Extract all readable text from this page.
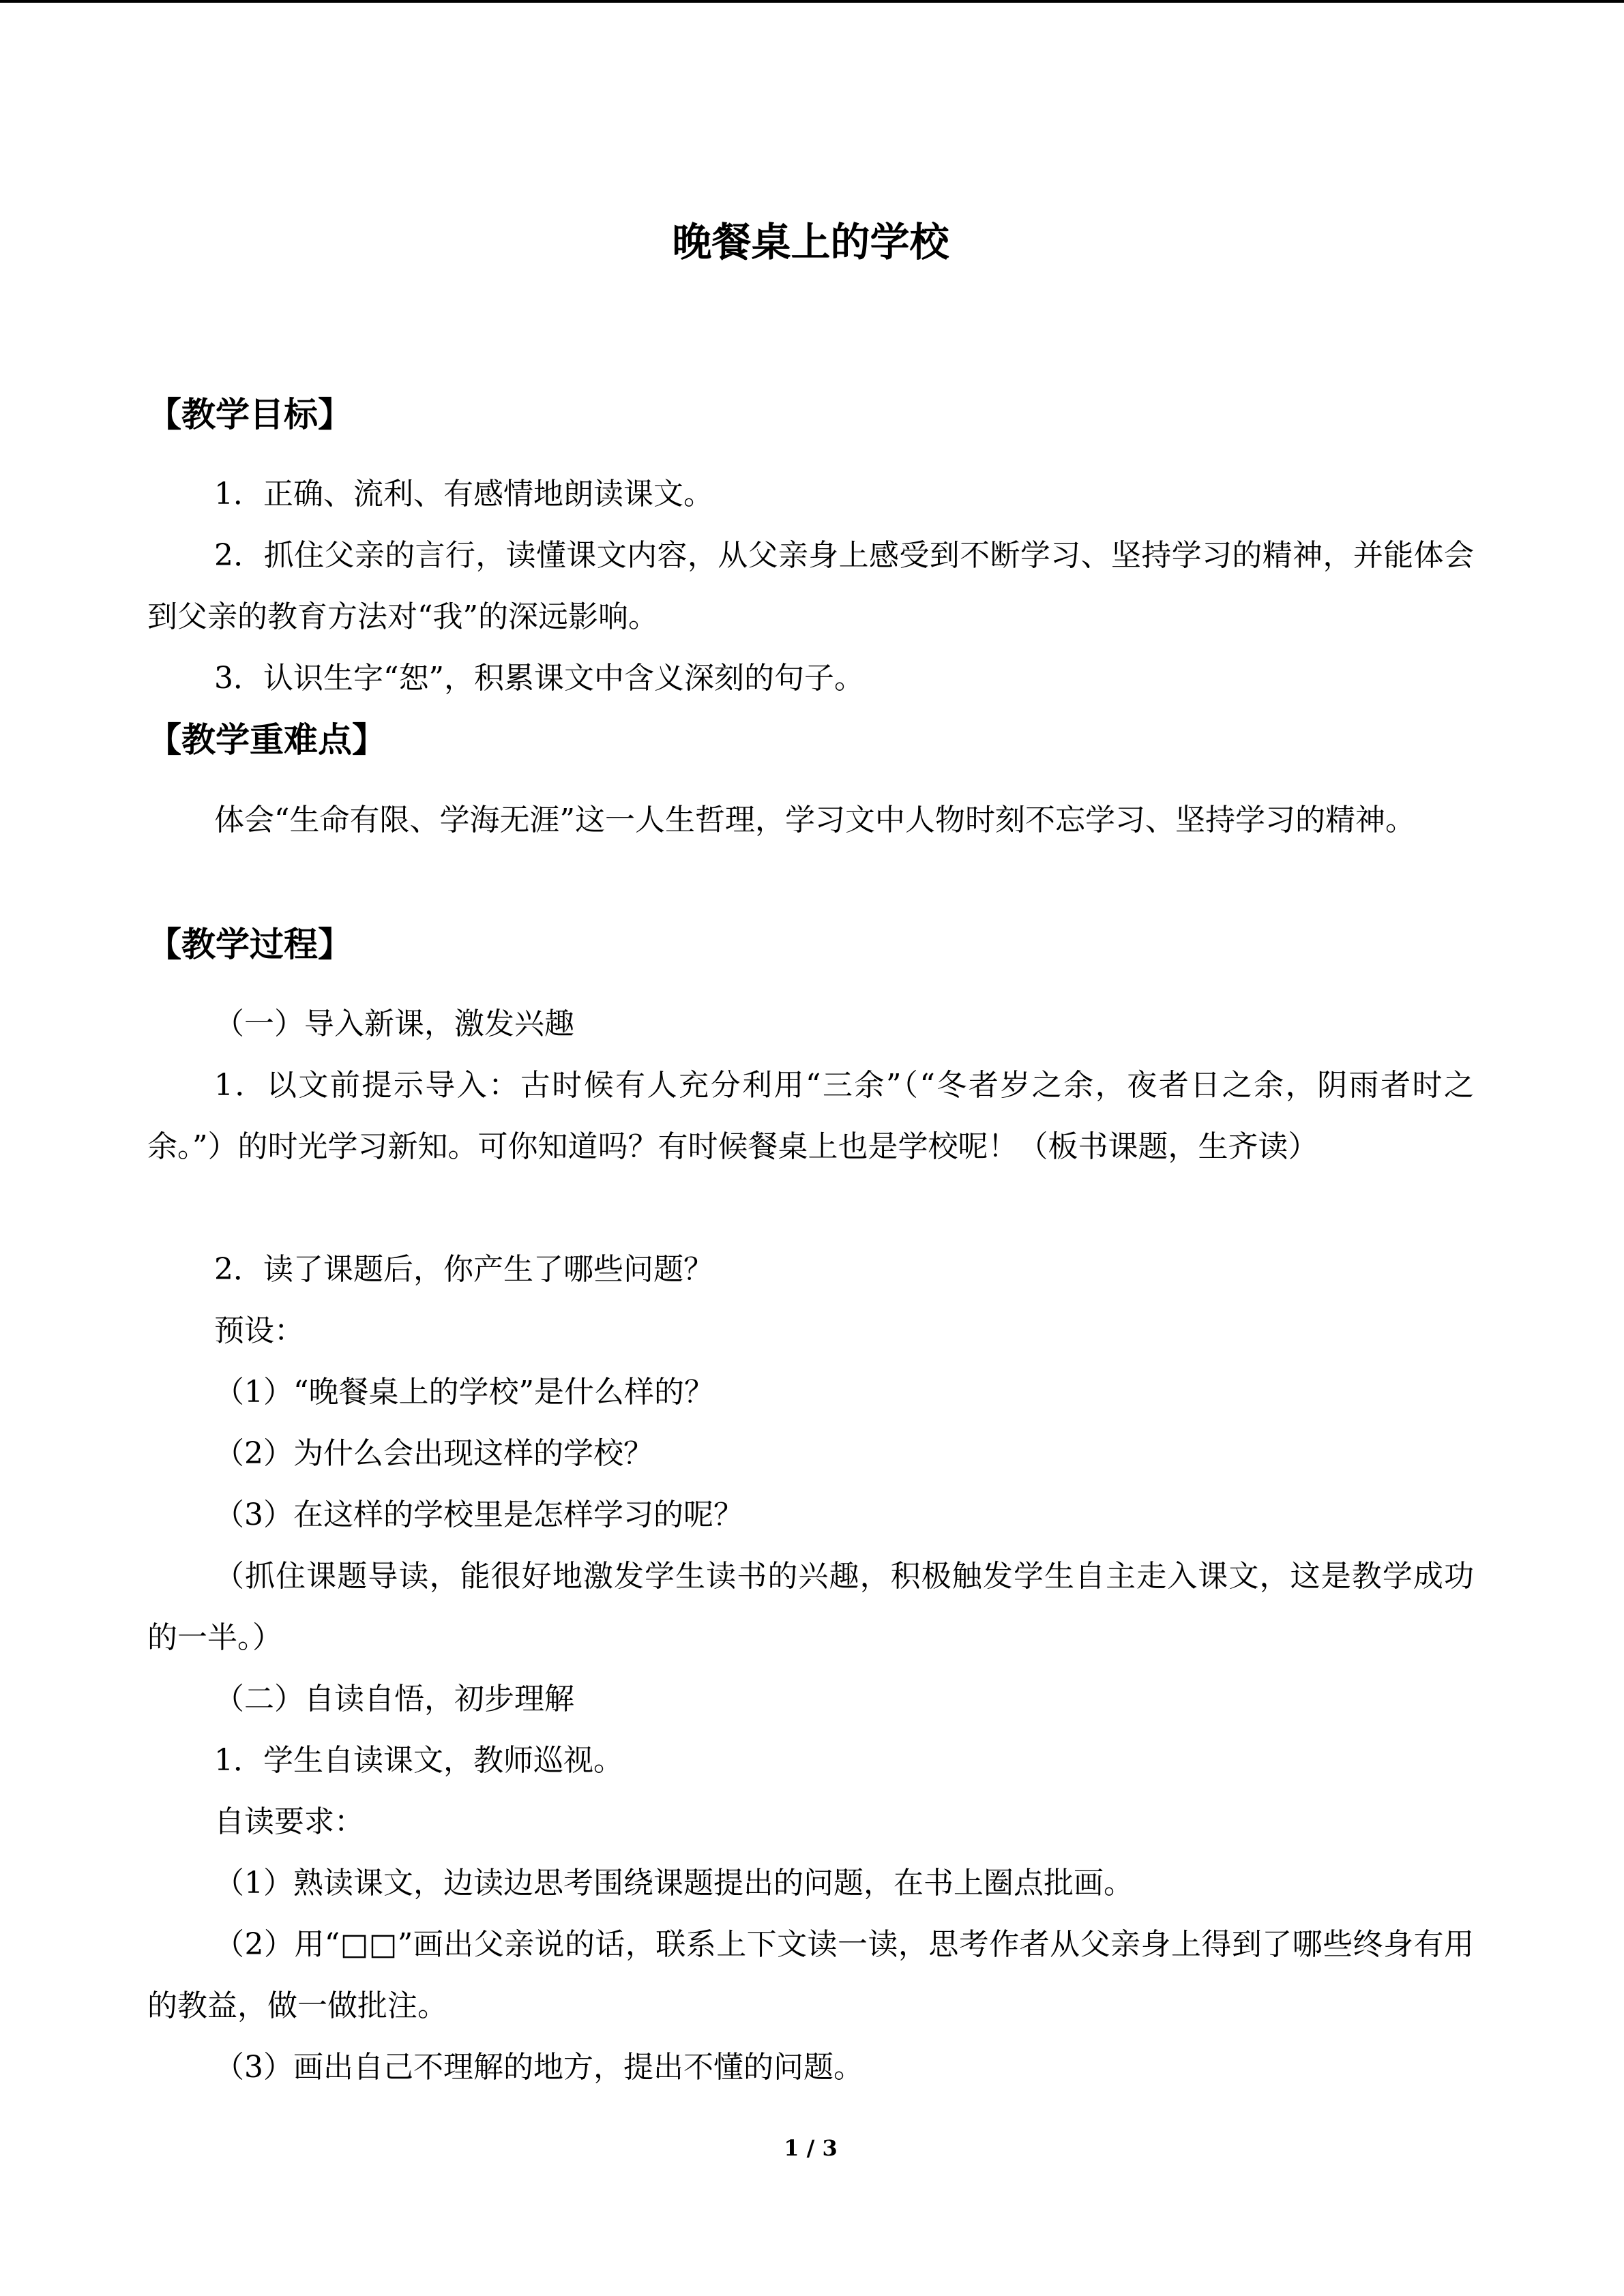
晚餐桌上的学校
【教学目标】
1．正确、流利、有感情地朗读课文。
2．抓住父亲的言行，读懂课文内容，从父亲身上感受到不断学习、坚持学习的精神，并能体会到父亲的教育方法对“我”的深远影响。
3．认识生字“恕”，积累课文中含义深刻的句子。
【教学重难点】
体会“生命有限、学海无涯”这一人生哲理，学习文中人物时刻不忘学习、坚持学习的精神。
【教学过程】
（一）导入新课，激发兴趣
1．以文前提示导入：古时候有人充分利用“三余”（“冬者岁之余，夜者日之余，阴雨者时之余。”）的时光学习新知。可你知道吗？有时候餐桌上也是学校呢！（板书课题，生齐读）
2．读了课题后，你产生了哪些问题？
预设：
（1）“晚餐桌上的学校”是什么样的？
（2）为什么会出现这样的学校？
（3）在这样的学校里是怎样学习的呢？
（抓住课题导读，能很好地激发学生读书的兴趣，积极触发学生自主走入课文，这是教学成功的一半。）
（二）自读自悟，初步理解
1．学生自读课文，教师巡视。
自读要求：
（1）熟读课文，边读边思考围绕课题提出的问题，在书上圈点批画。
（2）用“□□”画出父亲说的话，联系上下文读一读，思考作者从父亲身上得到了哪些终身有用的教益，做一做批注。
（3）画出自己不理解的地方，提出不懂的问题。
1 / 3
